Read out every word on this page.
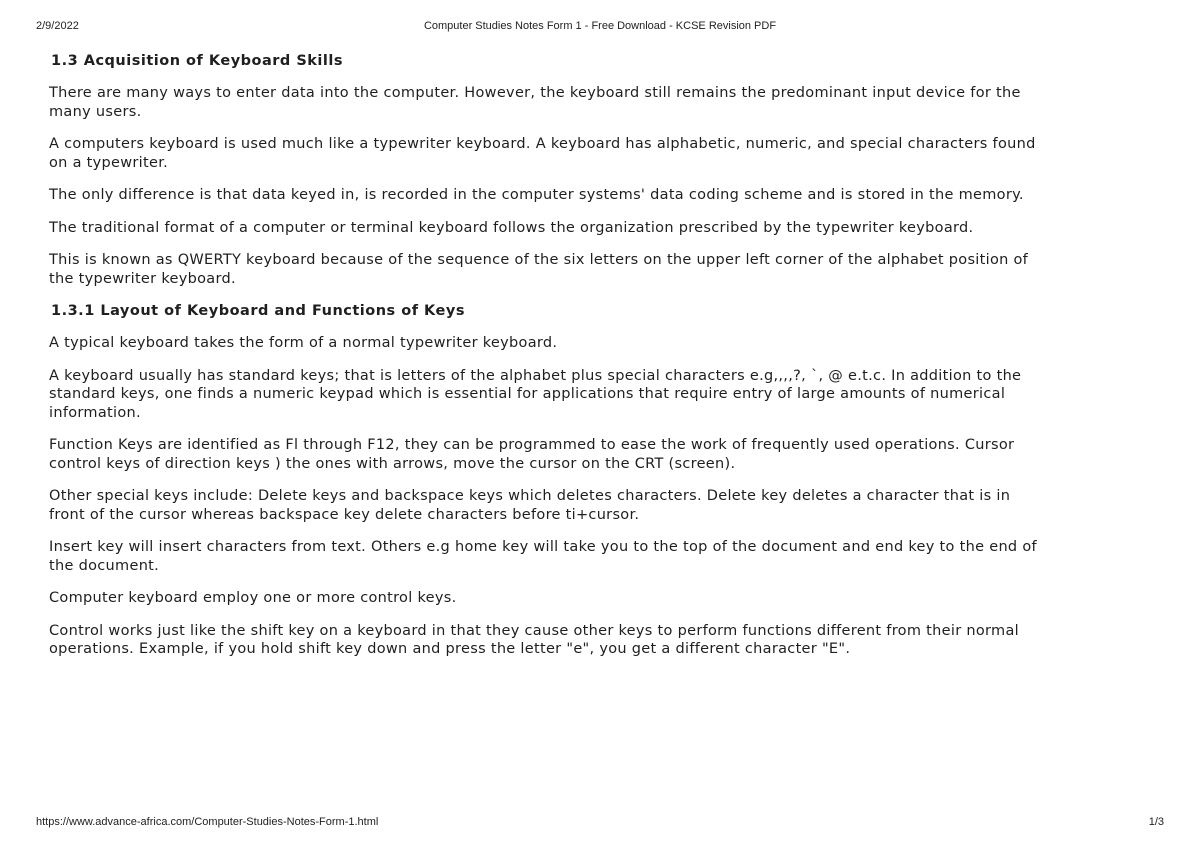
2/9/2022	Computer Studies Notes Form 1 - Free Download - KCSE Revision PDF
1.3 Acquisition of Keyboard Skills

There are many ways to enter data into the computer. However, the keyboard still remains the predominant input device for the many users.

A computers keyboard is used much like a typewriter keyboard. A keyboard has alphabetic, numeric, and special characters found on a typewriter.

The only difference is that data keyed in, is recorded in the computer systems' data coding scheme and is stored in the memory.

The traditional format of a computer or terminal keyboard follows the organization prescribed by the typewriter keyboard.

This is known as QWERTY keyboard because of the sequence of the six letters on the upper left corner of the alphabet position of the typewriter keyboard.

1.3.1 Layout of Keyboard and Functions of Keys

A typical keyboard takes the form of a normal typewriter keyboard.

A keyboard usually has standard keys; that is letters of the alphabet plus special characters e.g,,,,?, `, @ e.t.c. In addition to the standard keys, one finds a numeric keypad which is essential for applications that require entry of large amounts of numerical information.

Function Keys are identified as Fl through F12, they can be programmed to ease the work of frequently used operations. Cursor control keys of direction keys ) the ones with arrows, move the cursor on the CRT (screen).

Other special keys include: Delete keys and backspace keys which deletes characters. Delete key deletes a character that is in front of the cursor whereas backspace key delete characters before ti+cursor.

Insert key will insert characters from text. Others e.g home key will take you to the top of the document and end key to the end of the document.

Computer keyboard employ one or more control keys.

Control works just like the shift key on a keyboard in that they cause other keys to perform functions different from their normal operations. Example, if you hold shift key down and press the letter "e", you get a different character "E".

https://www.advance-africa.com/Computer-Studies-Notes-Form-1.html	1/3
